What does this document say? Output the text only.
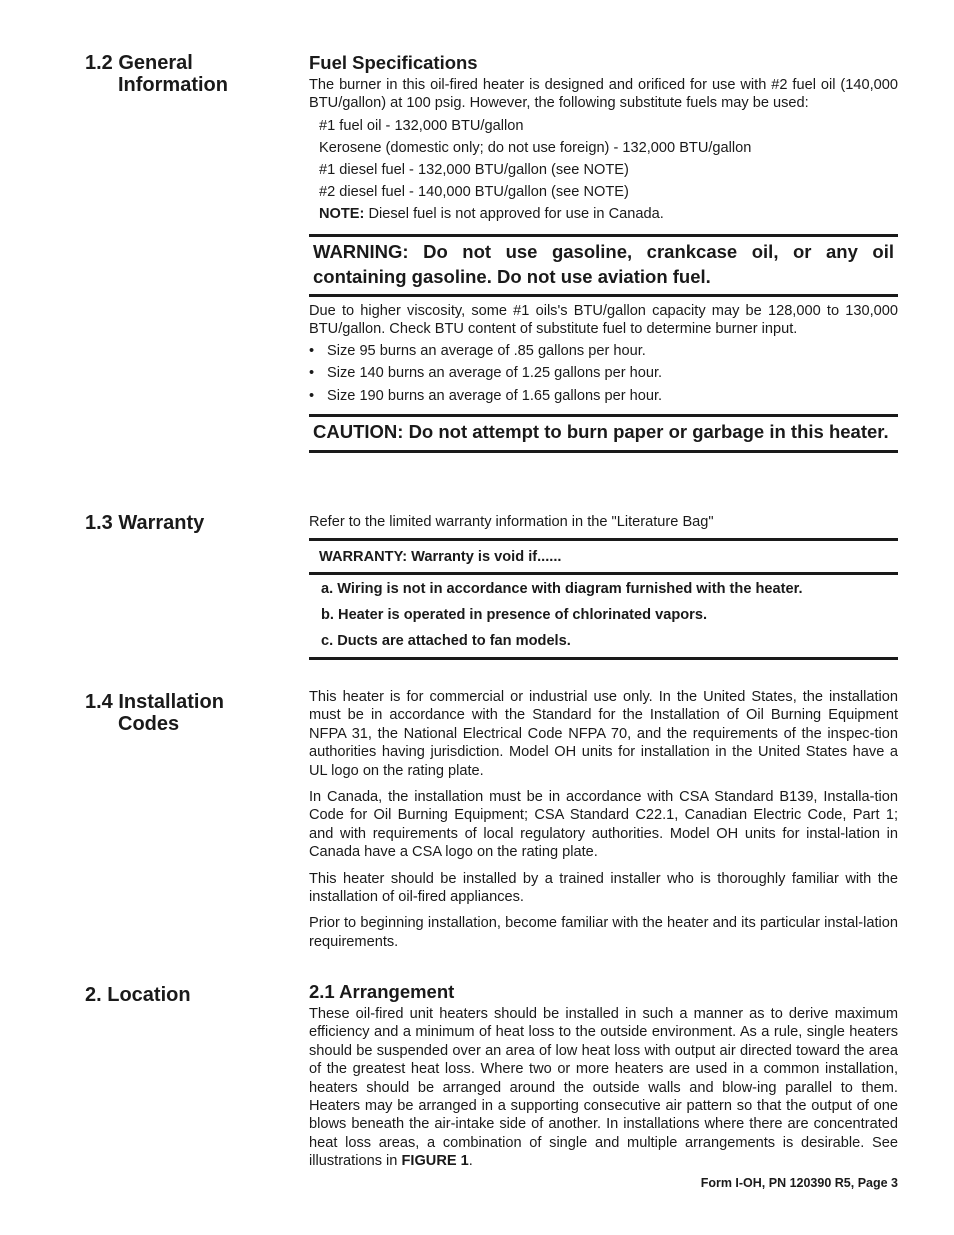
1.2 General
Information
1.3 Warranty
1.4 Installation
Codes
2. Location
Fuel Specifications

The burner in this oil-fired heater is designed and orificed for use with #2 fuel oil (140,000 BTU/gallon) at 100 psig. However, the following substitute fuels may be used:

#1 fuel oil - 132,000 BTU/gallon
Kerosene (domestic only; do not use foreign) - 132,000 BTU/gallon
#1 diesel fuel - 132,000 BTU/gallon (see NOTE)
#2 diesel fuel - 140,000 BTU/gallon (see NOTE)
NOTE: Diesel fuel is not approved for use in Canada.
WARNING: Do not use gasoline, crankcase oil, or any oil containing gasoline. Do not use aviation fuel.

Due to higher viscosity, some #1 oils's BTU/gallon capacity may be 128,000 to 130,000 BTU/gallon. Check BTU content of substitute fuel to determine burner input.

• Size 95 burns an average of .85 gallons per hour.
• Size 140 burns an average of 1.25 gallons per hour.
• Size 190 burns an average of 1.65 gallons per hour.
CAUTION: Do not attempt to burn paper or garbage in this heater.

Refer to the limited warranty information in the "Literature Bag"

WARRANTY: Warranty is void if......
a. Wiring is not in accordance with diagram furnished with the heater.
b. Heater is operated in presence of chlorinated vapors.
c. Ducts are attached to fan models.

This heater is for commercial or industrial use only. In the United States, the installation must be in accordance with the Standard for the Installation of Oil Burning Equipment NFPA 31, the National Electrical Code NFPA 70, and the requirements of the inspec-tion authorities having jurisdiction. Model OH units for installation in the United States have a UL logo on the rating plate.

In Canada, the installation must be in accordance with CSA Standard B139, Installa-tion Code for Oil Burning Equipment; CSA Standard C22.1, Canadian Electric Code, Part 1; and with requirements of local regulatory authorities. Model OH units for instal-lation in Canada have a CSA logo on the rating plate.

This heater should be installed by a trained installer who is thoroughly familiar with the installation of oil-fired appliances.

Prior to beginning installation, become familiar with the heater and its particular instal-lation requirements.

2.1 Arrangement

These oil-fired unit heaters should be installed in such a manner as to derive maximum efficiency and a minimum of heat loss to the outside environment. As a rule, single heaters should be suspended over an area of low heat loss with output air directed toward the area of the greatest heat loss. Where two or more heaters are used in a common installation, heaters should be arranged around the outside walls and blow-ing parallel to them. Heaters may be arranged in a supporting consecutive air pattern so that the output of one blows beneath the air-intake side of another. In installations where there are concentrated heat loss areas, a combination of single and multiple arrangements is desirable. See illustrations in FIGURE 1.

Form I-OH, PN 120390 R5, Page 3
